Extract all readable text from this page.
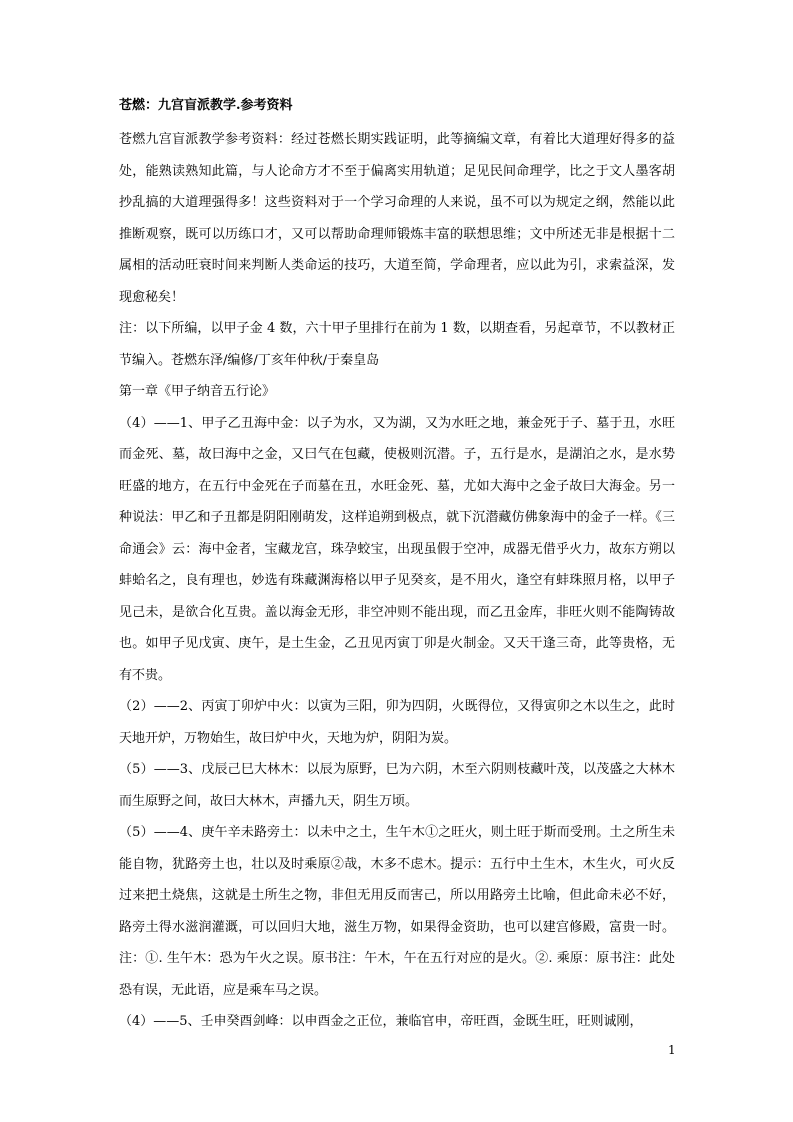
苍燃：九宫盲派教学.参考资料

苍燃九宫盲派教学参考资料：经过苍燃长期实践证明，此等摘编文章，有着比大道理好得多的益处，能熟读熟知此篇，与人论命方才不至于偏离实用轨道；足见民间命理学，比之于文人墨客胡抄乱搞的大道理强得多！这些资料对于一个学习命理的人来说，虽不可以为规定之纲，然能以此推断观察，既可以历练口才，又可以帮助命理师锻炼丰富的联想思维；文中所述无非是根据十二属相的活动旺衰时间来判断人类命运的技巧，大道至简，学命理者，应以此为引，求索益深，发现愈秘矣！

注：以下所编，以甲子金 4 数，六十甲子里排行在前为 1 数，以期查看，另起章节，不以教材正节编入。苍燃东泽/编修/丁亥年仲秋/于秦皇岛

第一章《甲子纳音五行论》

（4）——1、甲子乙丑海中金：以子为水，又为湖，又为水旺之地，兼金死于子、墓于丑，水旺而金死、墓，故曰海中之金，又曰气在包藏，使极则沉潜。子，五行是水，是湖泊之水，是水势旺盛的地方，在五行中金死在子而墓在丑，水旺金死、墓，尤如大海中之金子故曰大海金。另一种说法：甲乙和子丑都是阴阳刚萌发，这样追朔到极点，就下沉潜藏仿佛象海中的金子一样。《三命通会》云：海中金者，宝藏龙宫，珠孕蛟宝，出现虽假于空冲，成器无借乎火力，故东方朔以蚌蛤名之，良有理也，妙选有珠藏渊海格以甲子见癸亥，是不用火，逢空有蚌珠照月格，以甲子见己未，是欲合化互贵。盖以海金无形，非空冲则不能出现，而乙丑金库，非旺火则不能陶铸故也。如甲子见戊寅、庚午，是土生金，乙丑见丙寅丁卯是火制金。又天干逢三奇，此等贵格，无有不贵。

（2）——2、丙寅丁卯炉中火：以寅为三阳，卯为四阴，火既得位，又得寅卯之木以生之，此时天地开炉，万物始生，故曰炉中火，天地为炉，阴阳为炭。

（5）——3、戊辰己巳大林木：以辰为原野，巳为六阴，木至六阴则枝藏叶茂，以茂盛之大林木而生原野之间，故曰大林木，声播九天，阴生万顷。

（5）——4、庚午辛未路旁土：以未中之土，生午木①之旺火，则土旺于斯而受刑。土之所生未能自物，犹路旁土也，壮以及时乘原②哉，木多不虑木。提示：五行中土生木，木生火，可火反过来把土烧焦，这就是土所生之物，非但无用反而害己，所以用路旁土比喻，但此命未必不好，路旁土得水滋润灌溉，可以回归大地，滋生万物，如果得金资助，也可以建宫修殿，富贵一时。注：①. 生午木：恐为午火之误。原书注：午木，午在五行对应的是火。②. 乘原：原书注：此处恐有误，无此语，应是乘车马之误。

（4）——5、壬申癸酉剑峰：以申酉金之正位，兼临官申，帝旺酉，金既生旺，旺则诚刚，

1
